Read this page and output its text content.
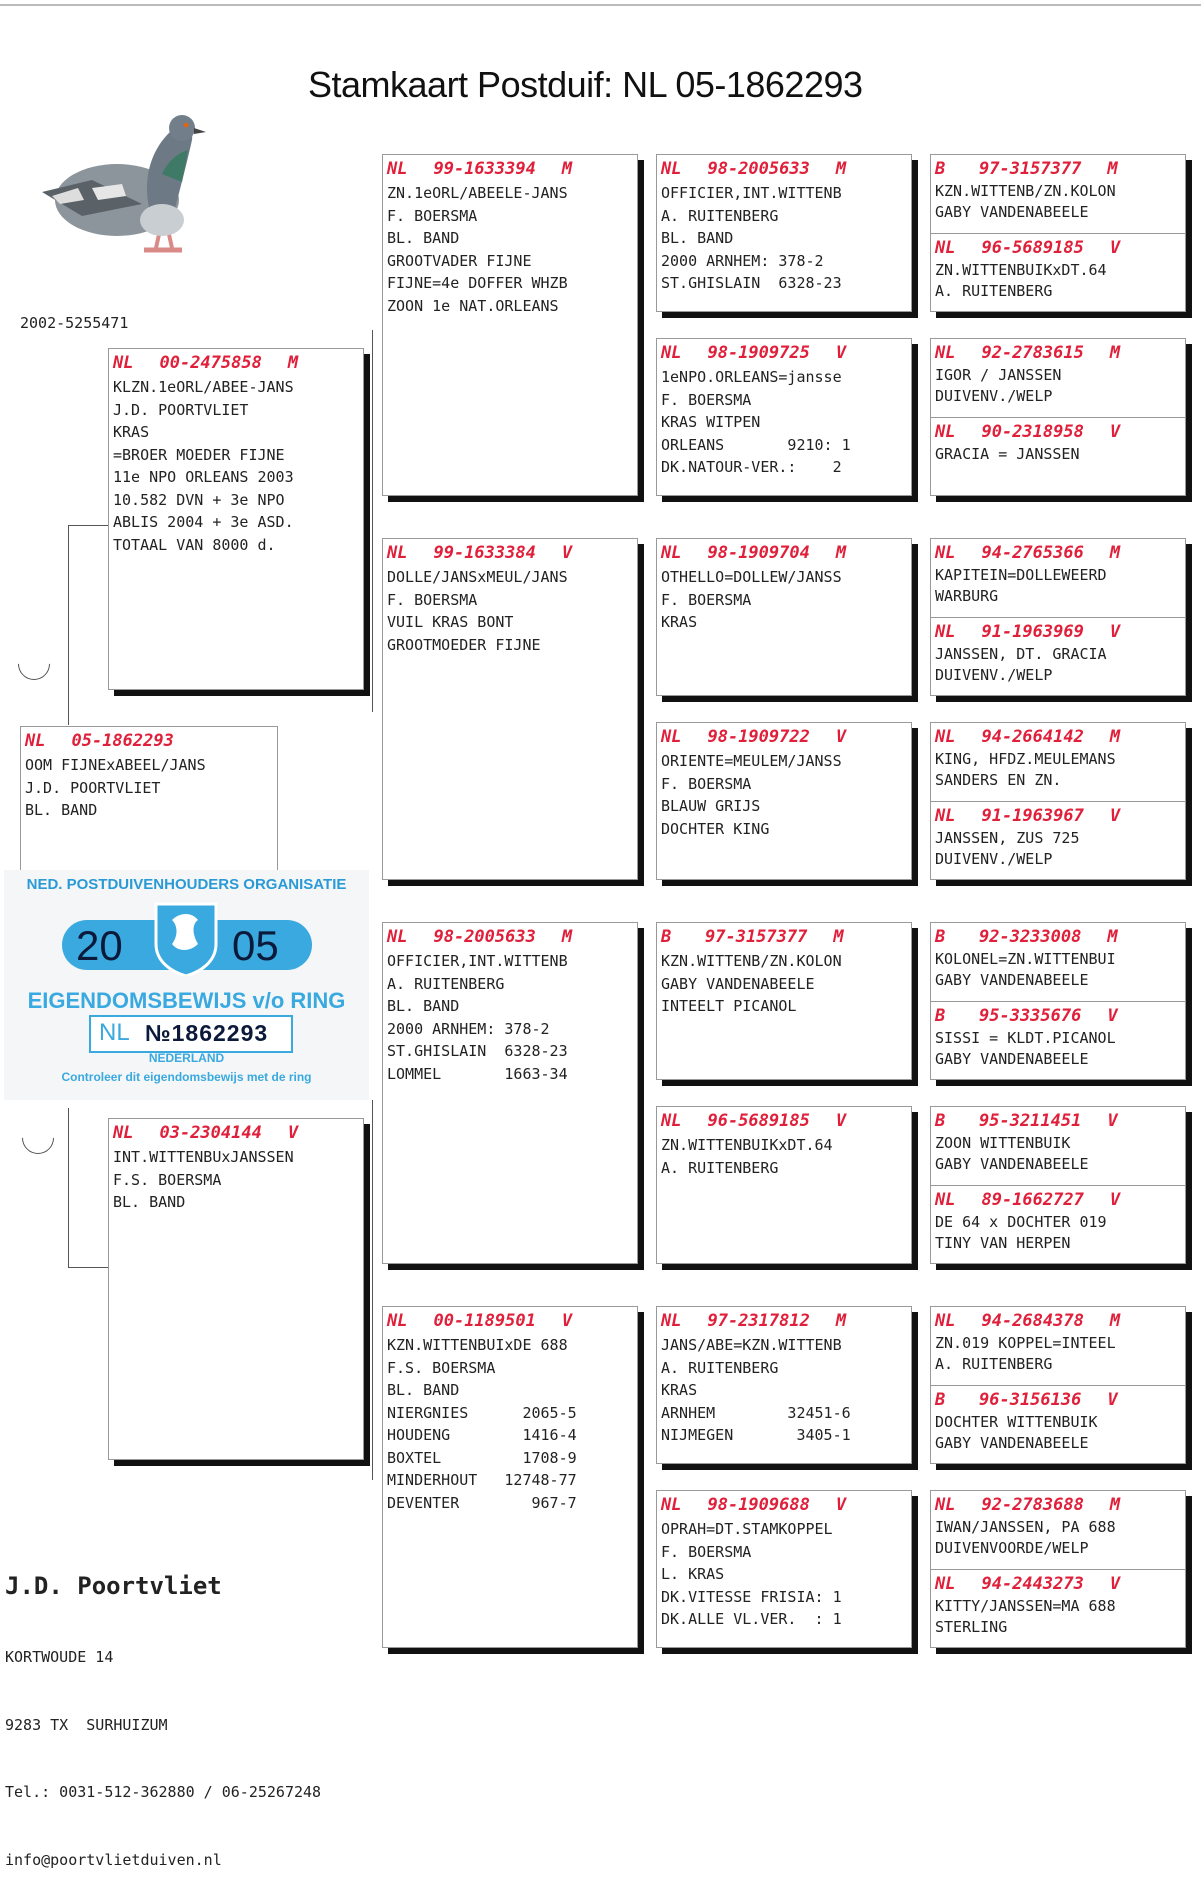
Stamkaart Postduif: NL 05-1862293
2002-5255471
NL 05-1862293
OOM FIJNExABEEL/JANS
J.D. POORTVLIET
BL. BAND
NED. POSTDUIVENHOUDERS ORGANISATIE
20	05
EIGENDOMSBEWIJS v/o RING
NL №1862293
NEDERLAND
Controleer dit eigendomsbewijs met de ring
NL 00-2475858 M
KLZN.1eORL/ABEE-JANS
J.D. POORTVLIET
KRAS
=BROER MOEDER FIJNE
11e NPO ORLEANS 2003
10.582 DVN + 3e NPO
ABLIS 2004 + 3e ASD.
TOTAAL VAN 8000 d.
NL 03-2304144 V
INT.WITTENBUxJANSSEN
F.S. BOERSMA
BL. BAND
NL 99-1633394 M
ZN.1eORL/ABEELE-JANS
F. BOERSMA
BL. BAND
GROOTVADER FIJNE
FIJNE=4e DOFFER WHZB
ZOON 1e NAT.ORLEANS
NL 99-1633384 V
DOLLE/JANSxMEUL/JANS
F. BOERSMA
VUIL KRAS BONT
GROOTMOEDER FIJNE
NL 98-2005633 M
OFFICIER,INT.WITTENB
A. RUITENBERG
BL. BAND
2000 ARNHEM: 378-2
ST.GHISLAIN  6328-23
LOMMEL       1663-34
NL 00-1189501 V
KZN.WITTENBUIxDE 688
F.S. BOERSMA
BL. BAND
NIERGNIES      2065-5
HOUDENG        1416-4
BOXTEL         1708-9
MINDERHOUT   12748-77
DEVENTER        967-7
NL 98-2005633 M
OFFICIER,INT.WITTENB
A. RUITENBERG
BL. BAND
2000 ARNHEM: 378-2
ST.GHISLAIN  6328-23
NL 98-1909725 V
1eNPO.ORLEANS=jansse
F. BOERSMA
KRAS WITPEN
ORLEANS       9210: 1
DK.NATOUR-VER.:    2
NL 98-1909704 M
OTHELLO=DOLLEW/JANSS
F. BOERSMA
KRAS
NL 98-1909722 V
ORIENTE=MEULEM/JANSS
F. BOERSMA
BLAUW GRIJS
DOCHTER KING
B	97-3157377 M
KZN.WITTENB/ZN.KOLON
GABY VANDENABEELE
INTEELT PICANOL
NL 96-5689185 V
ZN.WITTENBUIKxDT.64
A. RUITENBERG
NL 97-2317812 M
JANS/ABE=KZN.WITTENB
A. RUITENBERG
KRAS
ARNHEM        32451-6
NIJMEGEN       3405-1
NL 98-1909688 V
OPRAH=DT.STAMKOPPEL
F. BOERSMA
L. KRAS
DK.VITESSE FRISIA: 1
DK.ALLE VL.VER.  : 1
B	97-3157377 M
KZN.WITTENB/ZN.KOLON
GABY VANDENABEELE
NL 96-5689185 V
ZN.WITTENBUIKxDT.64
A. RUITENBERG
NL 92-2783615 M
IGOR / JANSSEN
DUIVENV./WELP
NL 90-2318958 V
GRACIA = JANSSEN
NL 94-2765366 M
KAPITEIN=DOLLEWEERD
WARBURG
NL 91-1963969 V
JANSSEN, DT. GRACIA
DUIVENV./WELP
NL 94-2664142 M
KING, HFDZ.MEULEMANS
SANDERS EN ZN.
NL 91-1963967 V
JANSSEN, ZUS 725
DUIVENV./WELP
B	92-3233008 M
KOLONEL=ZN.WITTENBUI
GABY VANDENABEELE
B	95-3335676 V
SISSI = KLDT.PICANOL
GABY VANDENABEELE
B	95-3211451 V
ZOON WITTENBUIK
GABY VANDENABEELE
NL 89-1662727 V
DE 64 x DOCHTER 019
TINY VAN HERPEN
NL 94-2684378 M
ZN.019 KOPPEL=INTEEL
A. RUITENBERG
B	96-3156136 V
DOCHTER WITTENBUIK
GABY VANDENABEELE
NL 92-2783688 M
IWAN/JANSSEN, PA 688
DUIVENVOORDE/WELP
NL 94-2443273 V
KITTY/JANSSEN=MA 688
STERLING

J.D. Poortvliet

KORTWOUDE 14

9283 TX  SURHUIZUM

Tel.: 0031-512-362880 / 06-25267248

info@poortvlietduiven.nl
